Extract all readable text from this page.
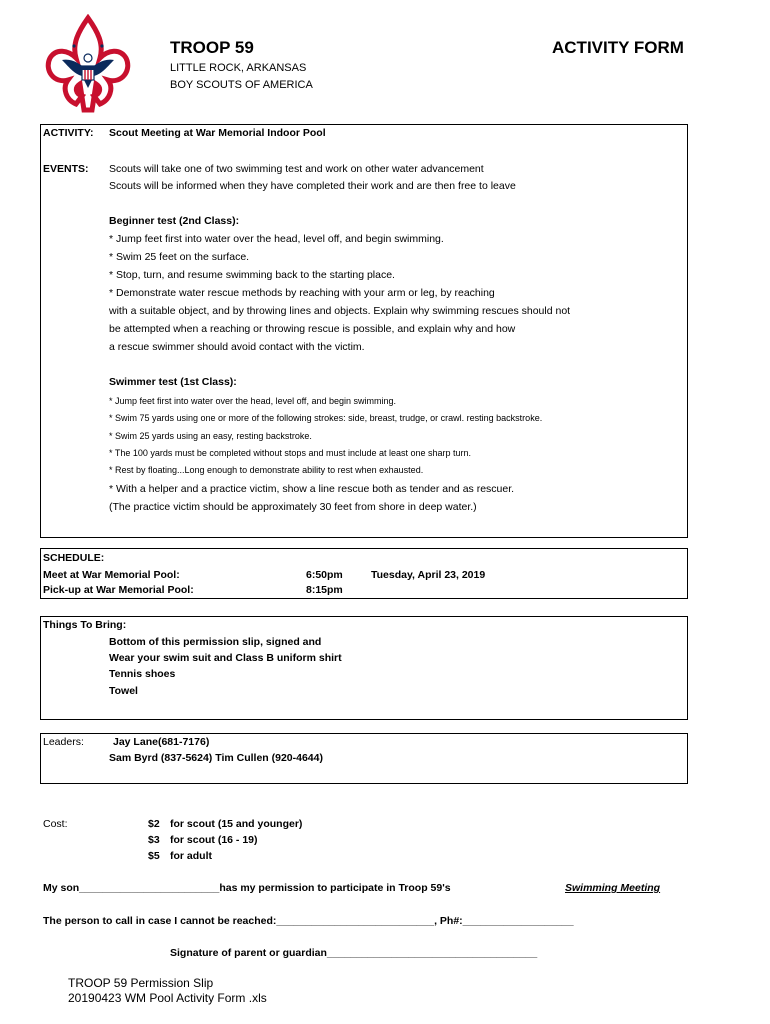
TROOP 59	ACTIVITY FORM
LITTLE ROCK, ARKANSAS
BOY SCOUTS OF AMERICA
ACTIVITY: Scout Meeting at War Memorial Indoor Pool
EVENTS: Scouts will take one of two swimming test and work on other water advancement
Scouts will be informed when they have completed their work and are then free to leave
Beginner test (2nd Class):
* Jump feet first into water over the head, level off, and begin swimming.
* Swim 25 feet on the surface.
* Stop, turn, and resume swimming back to the starting place.
* Demonstrate water rescue methods by reaching with your arm or leg, by reaching
with a suitable object, and by throwing lines and objects. Explain why swimming rescues should not
be attempted when a reaching or throwing rescue is possible, and explain why and how
a rescue swimmer should avoid contact with the victim.
Swimmer test (1st Class):
* Jump feet first into water over the head, level off, and begin swimming.
* Swim 75 yards using one or more of the following strokes: side, breast, trudge, or crawl. resting backstroke.
* Swim 25 yards using an easy, resting backstroke.
* The 100 yards must be completed without stops and must include at least one sharp turn.
* Rest by floating...Long enough to demonstrate ability to rest when exhausted.
* With a helper and a practice victim, show a line rescue both as tender and as rescuer.
(The practice victim should be approximately 30 feet from shore in deep water.)
SCHEDULE:
Meet at War Memorial Pool:	6:50pm	Tuesday, April 23, 2019
Pick-up at War Memorial Pool:	8:15pm
Things To Bring:
Bottom of this permission slip, signed and
Wear your swim suit and Class B uniform shirt
Tennis shoes
Towel
Leaders:	Jay Lane(681-7176)
Sam Byrd (837-5624) Tim Cullen (920-4644)
Cost:	$2 for scout (15 and younger)
$3 for scout (16 - 19)
$5 for adult
My son________________________has my permission to participate in Troop 59's	Swimming Meeting
The person to call in case I cannot be reached:___________________________, Ph#:___________________
Signature of parent or guardian____________________________________
TROOP 59 Permission Slip
20190423 WM Pool Activity Form .xls
